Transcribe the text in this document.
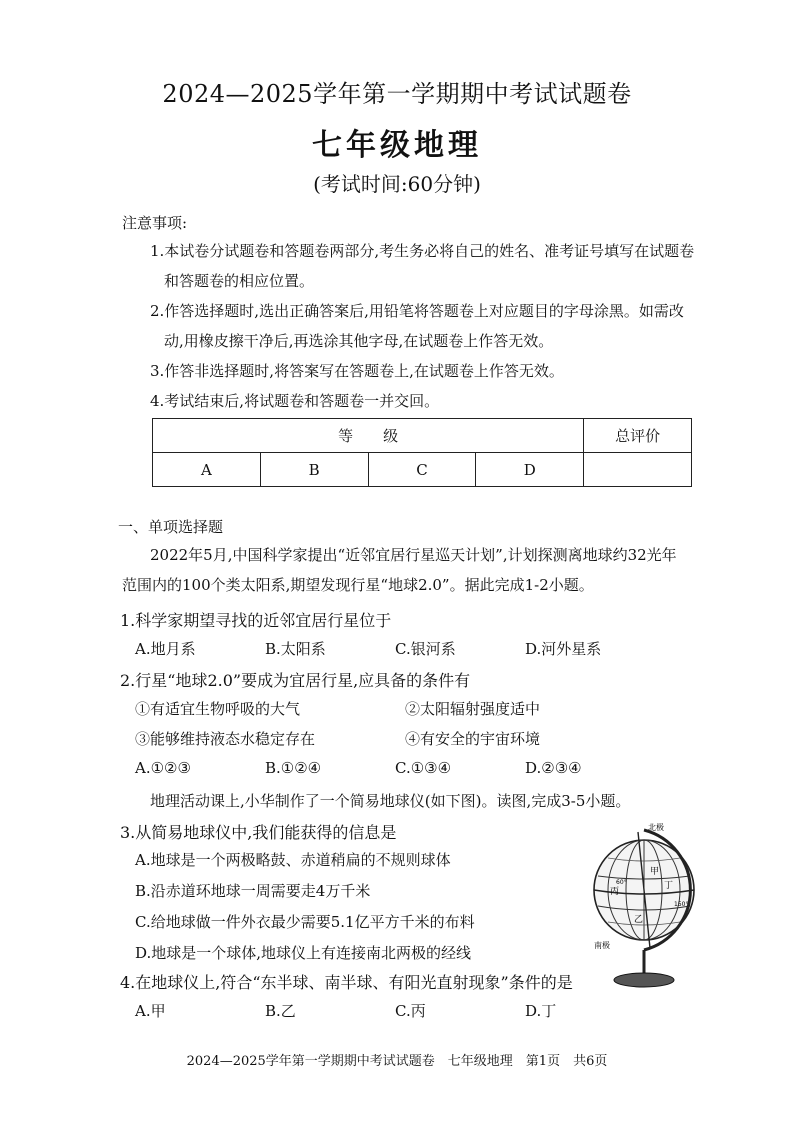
2024—2025学年第一学期期中考试试题卷
七年级地理
(考试时间:60分钟)
注意事项:
1.本试卷分试题卷和答题卷两部分,考生务必将自己的姓名、准考证号填写在试题卷
和答题卷的相应位置。
2.作答选择题时,选出正确答案后,用铅笔将答题卷上对应题目的字母涂黑。如需改
动,用橡皮擦干净后,再选涂其他字母,在试题卷上作答无效。
3.作答非选择题时,将答案写在答题卷上,在试题卷上作答无效。
4.考试结束后,将试题卷和答题卷一并交回。
等　　级				总评价
A	B	C	D	
一、单项选择题
2022年5月,中国科学家提出“近邻宜居行星巡天计划”,计划探测离地球约32光年
范围内的100个类太阳系,期望发现行星“地球2.0”。据此完成1-2小题。
1.科学家期望寻找的近邻宜居行星位于
A.地月系	B.太阳系	C.银河系	D.河外星系
2.行星“地球2.0”要成为宜居行星,应具备的条件有
①有适宜生物呼吸的大气	②太阳辐射强度适中
③能够维持液态水稳定存在	④有安全的宇宙环境
A.①②③	B.①②④	C.①③④	D.②③④
地理活动课上,小华制作了一个简易地球仪(如下图)。读图,完成3-5小题。
3.从简易地球仪中,我们能获得的信息是
A.地球是一个两极略鼓、赤道稍扁的不规则球体
B.沿赤道环地球一周需要走4万千米
C.给地球做一件外衣最少需要5.1亿平方千米的布料
D.地球是一个球体,地球仪上有连接南北两极的经线
4.在地球仪上,符合“东半球、南半球、有阳光直射现象”条件的是
A.甲	B.乙	C.丙	D.丁
北极
南极
甲
乙
丙
丁
60°
150°
2024—2025学年第一学期期中考试试题卷　七年级地理　第1页　共6页
